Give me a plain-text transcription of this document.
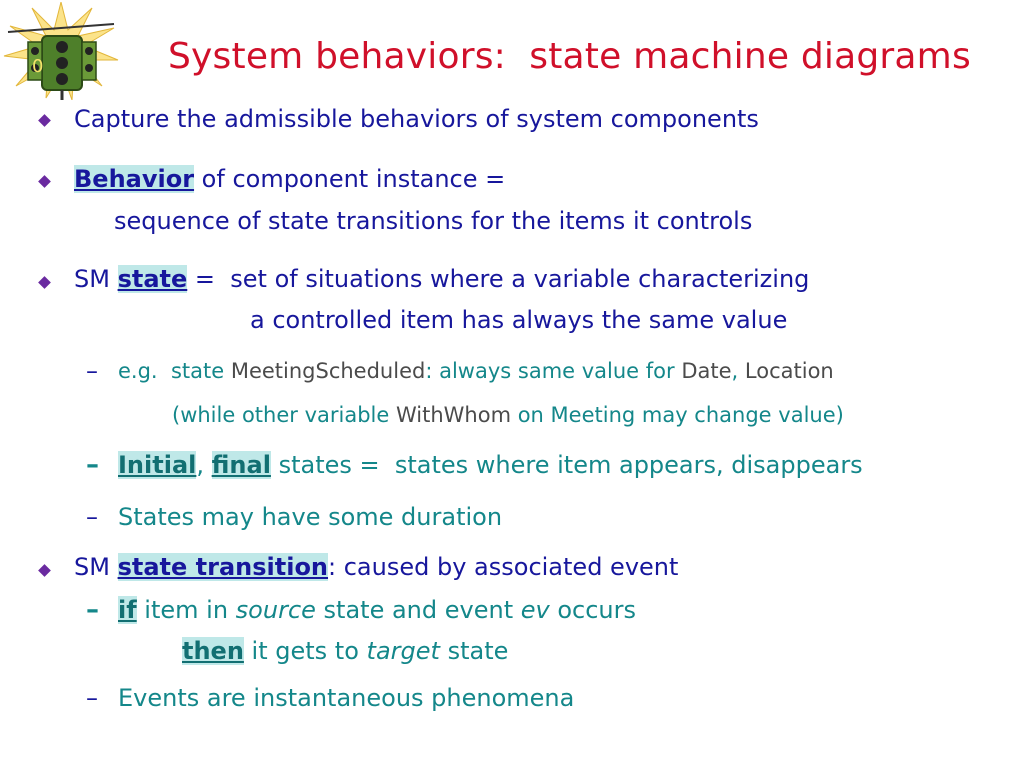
0	System behaviors:  state machine diagrams
Capture the admissible behaviors of system components
Behavior of component instance =
sequence of state transitions for the items it controls
SM state =  set of situations where a variable characterizing
a controlled item has always the same value
– e.g.  state MeetingScheduled: always same value for Date, Location
(while other variable WithWhom on Meeting may change value)
– Initial, final states =  states where item appears, disappears
– States may have some duration
SM state transition: caused by associated event
– if item in source state and event ev occurs
then it gets to target state
– Events are instantaneous phenomena
